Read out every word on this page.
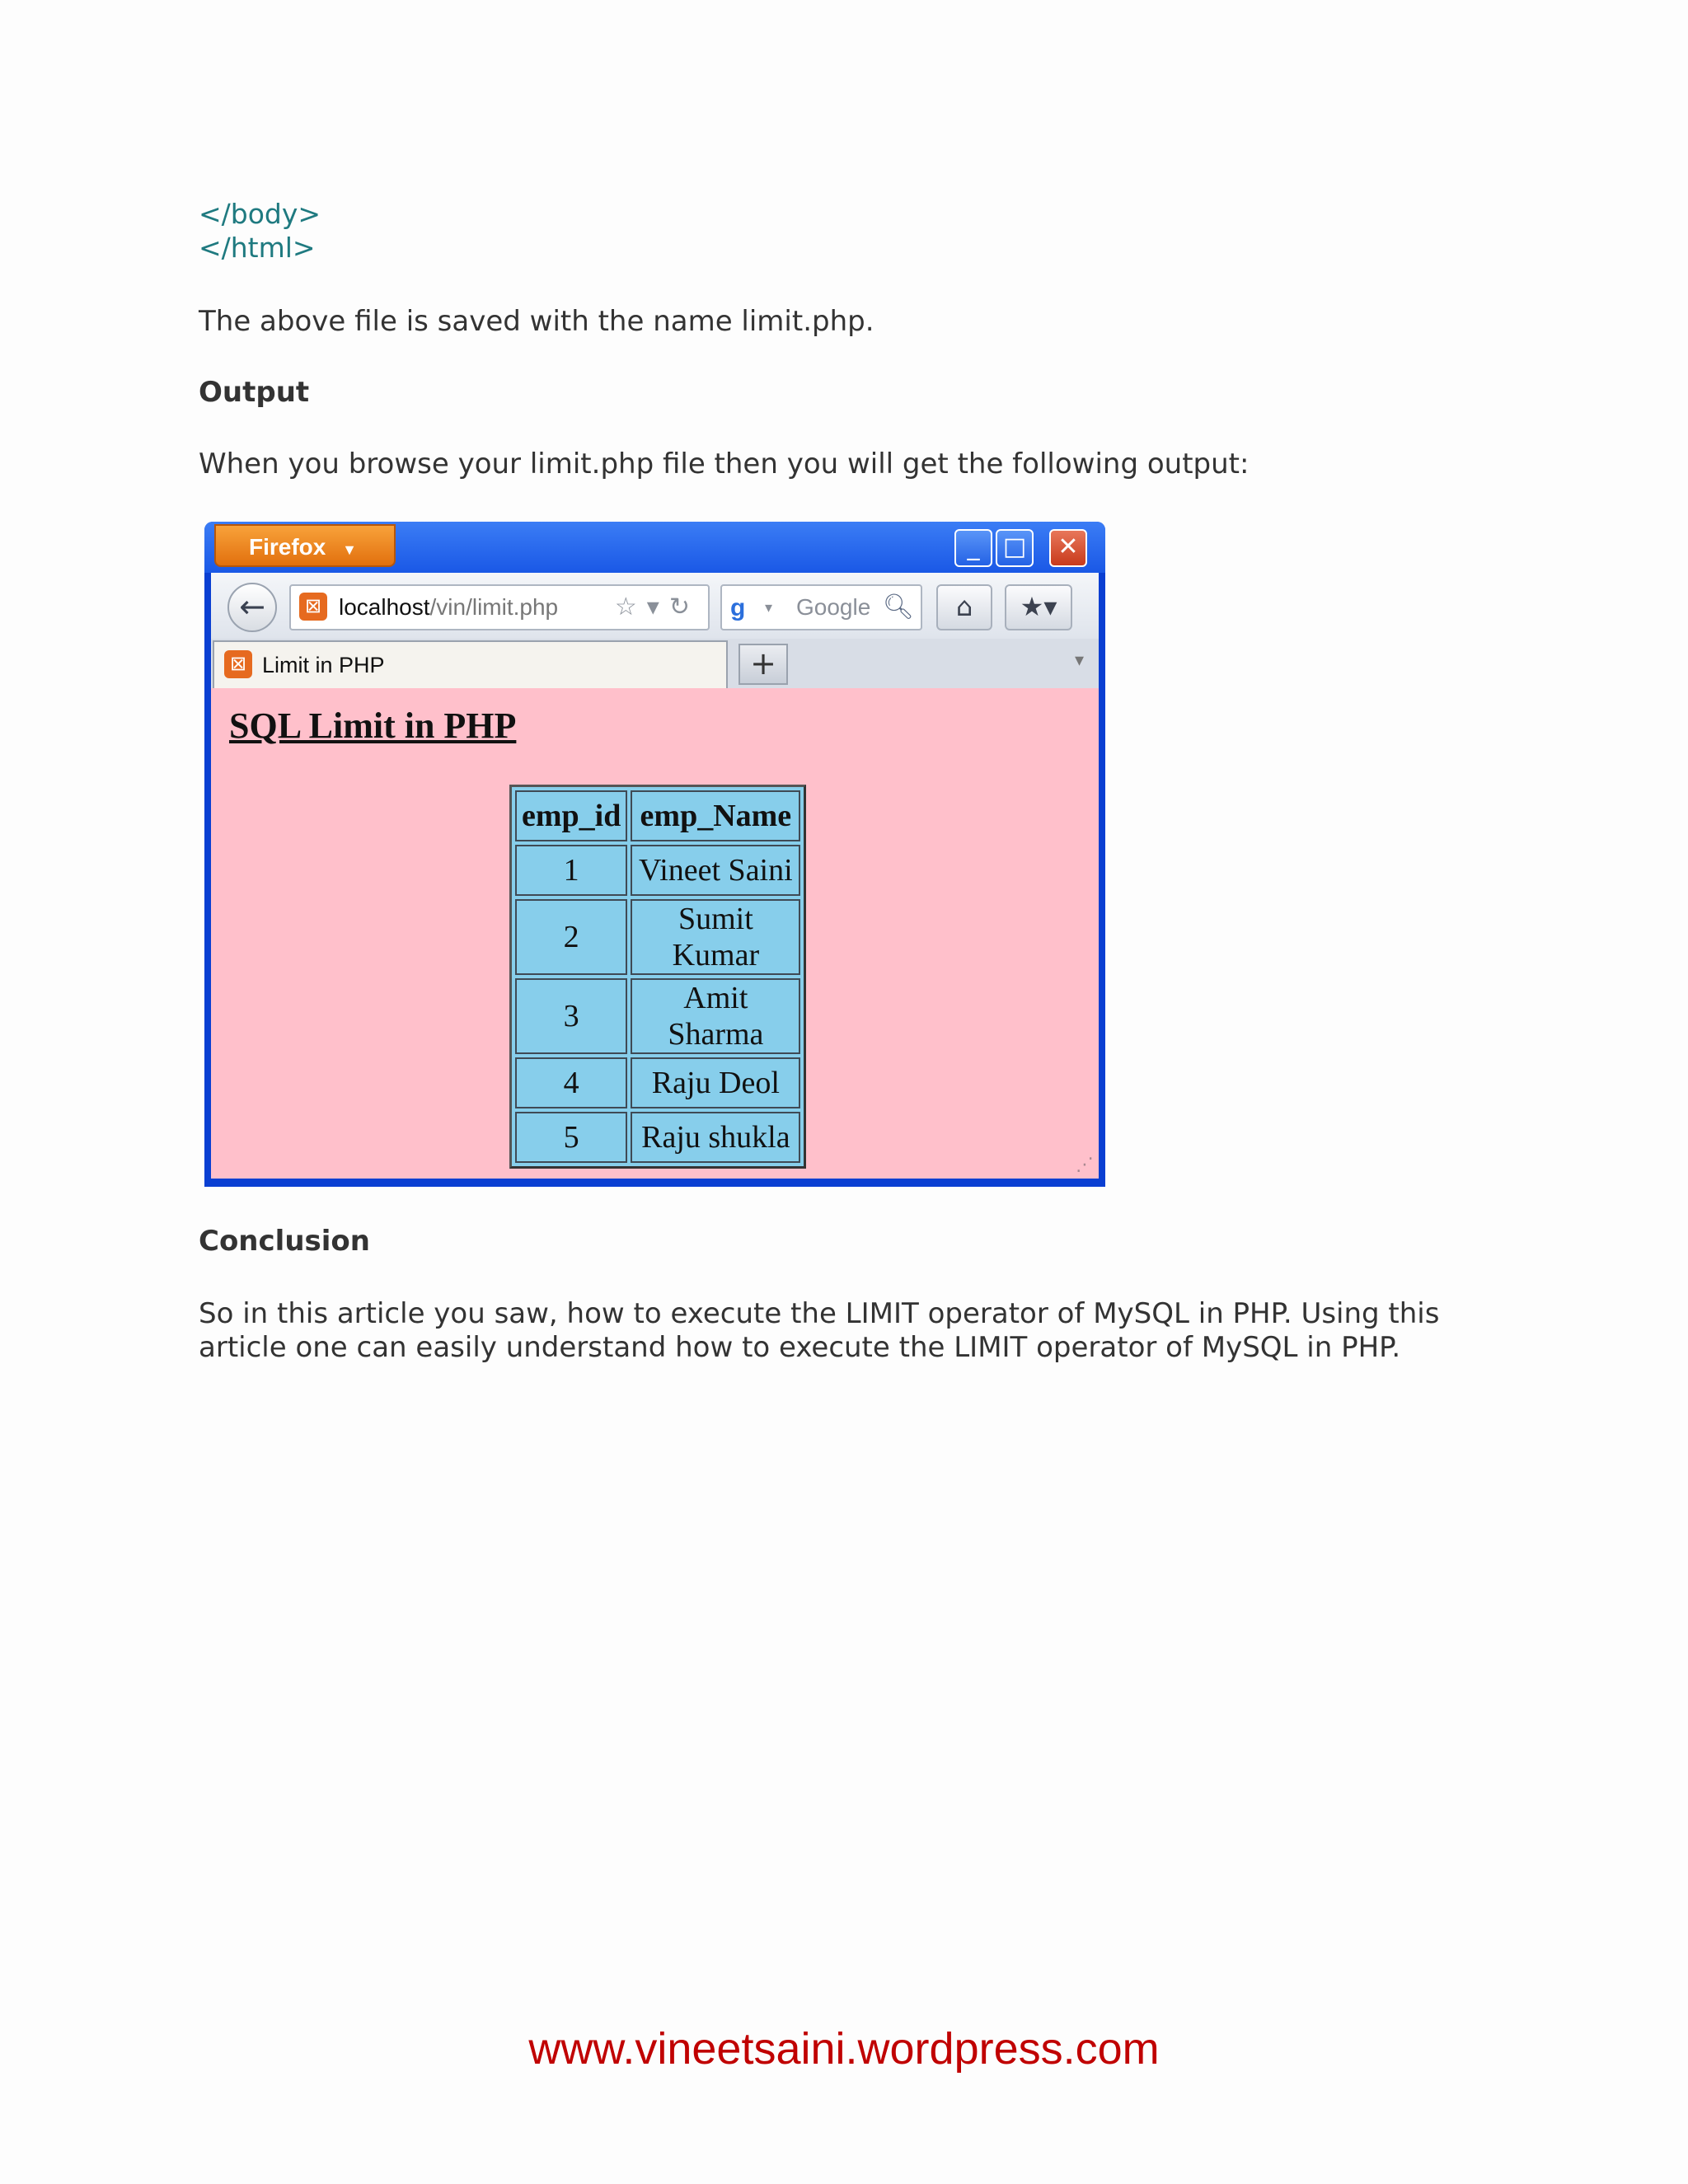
</body>
</html>
The above file is saved with the name limit.php.
Output
When you browse your limit.php file then you will get the following output:
Firefox ▼	_ □	✕
←	⊠ localhost/vin/limit.php ☆▾↻ g	▾ Google 🔍︎	⌂	★▾
⊠ Limit in PHP	+	▾
SQL Limit in PHP
emp_id	emp_Name
1	Vineet Saini
2	Sumit Kumar
3	Amit Sharma
4	Raju Deol
5	Raju shukla
⋰
Conclusion
So in this article you saw, how to execute the LIMIT operator of MySQL in PHP. Using this article one can easily understand how to execute the LIMIT operator of MySQL in PHP.
www.vineetsaini.wordpress.com
